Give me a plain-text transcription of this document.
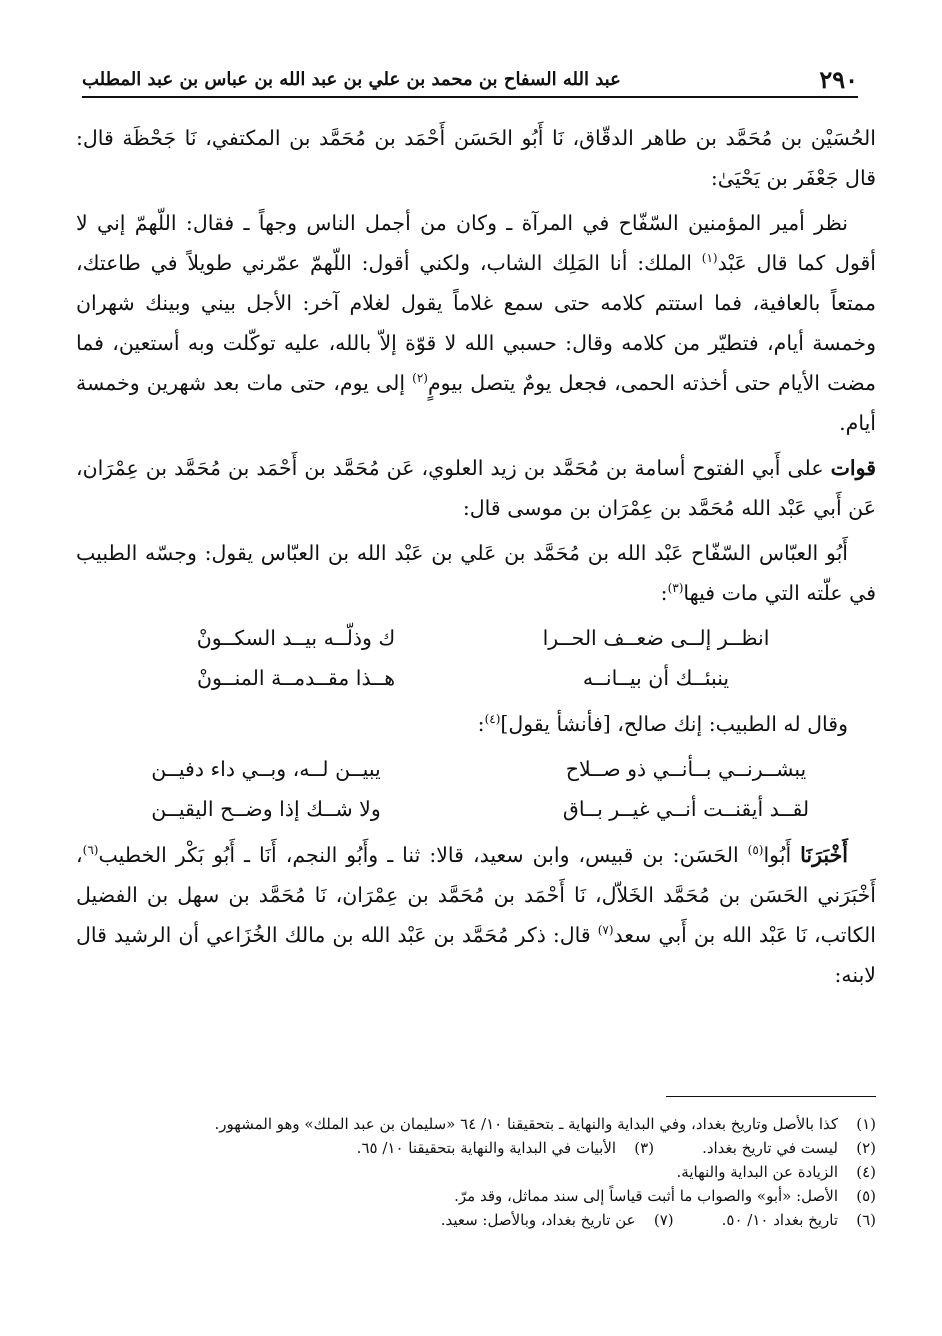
٢٩٠
عبد الله السفاح بن محمد بن علي بن عبد الله بن عباس بن عبد المطلب

الحُسَيْن بن مُحَمَّد بن طاهر الدقّاق، نَا أَبُو الحَسَن أَحْمَد بن مُحَمَّد بن المكتفي، نَا جَحْظَة قال: قال جَعْفَر بن يَحْيَىٰ:

نظر أمير المؤمنين السّفّاح في المرآة ـ وكان من أجمل الناس وجهاً ـ فقال: اللّهمّ إني لا أقول كما قال عَبْد$^{(١)}$ الملك: أنا المَلِك الشاب، ولكني أقول: اللّهمّ عمّرني طويلاً في طاعتك، ممتعاً بالعافية، فما استتم كلامه حتى سمع غلاماً يقول لغلام آخر: الأجل بيني وبينك شهران وخمسة أيام، فتطيّر من كلامه وقال: حسبي الله لا قوّة إلاّ بالله، عليه توكّلت وبه أستعين، فما مضت الأيام حتى أخذته الحمى، فجعل يومٌ يتصل بيومٍ$^{(٢)}$ إلى يوم، حتى مات بعد شهرين وخمسة أيام.

قوات على أَبي الفتوح أسامة بن مُحَمَّد بن زيد العلوي، عَن مُحَمَّد بن أَحْمَد بن مُحَمَّد بن عِمْرَان، عَن أَبي عَبْد الله مُحَمَّد بن عِمْرَان بن موسى قال:

أَبُو العبّاس السّفّاح عَبْد الله بن مُحَمَّد بن عَلي بن عَبْد الله بن العبّاس يقول: وجسّه الطبيب في علّته التي مات فيها$^{(٣)}$:

انظــر إلــى ضعــف الحــرا
ك وذلّــه بيــد السكــونْ
ينبئــك أن بيــانــه
هــذا مقــدمــة المنــونْ

وقال له الطبيب: إنك صالح، [فأنشأ يقول]$^{(٤)}$:

يبشــرنــي بــأنــي ذو صــلاح
يبيــن لــه، وبــي داء دفيــن
لقــد أيقنــت أنــي غيــر بــاق
ولا شــك إذا وضــح اليقيــن

أَخْبَرَنَا أَبُوا$^{(٥)}$ الحَسَن: بن قبيس، وابن سعيد، قالا: ثنا ـ وأَبُو النجم، أَنَا ـ أَبُو بَكْر الخطيب$^{(٦)}$، أَخْبَرَني الحَسَن بن مُحَمَّد الخَلاّل، نَا أَحْمَد بن مُحَمَّد بن عِمْرَان، نَا مُحَمَّد بن سهل بن الفضيل الكاتب، نَا عَبْد الله بن أَبي سعد$^{(٧)}$ قال: ذكر مُحَمَّد بن عَبْد الله بن مالك الخُزَاعي أن الرشيد قال لابنه:

(١)كذا بالأصل وتاريخ بغداد، وفي البداية والنهاية ـ بتحقيقنا ١٠/ ٦٤ «سليمان بن عبد الملك» وهو المشهور.
(٢)ليست في تاريخ بغداد.
(٣)الأبيات في البداية والنهاية بتحقيقنا ١٠/ ٦٥.
(٤)الزيادة عن البداية والنهاية.
(٥)الأصل: «أبو» والصواب ما أثبت قياساً إلى سند مماثل، وقد مرّ.
(٦)تاريخ بغداد ١٠/ ٥٠.
(٧)عن تاريخ بغداد، وبالأصل: سعيد.
